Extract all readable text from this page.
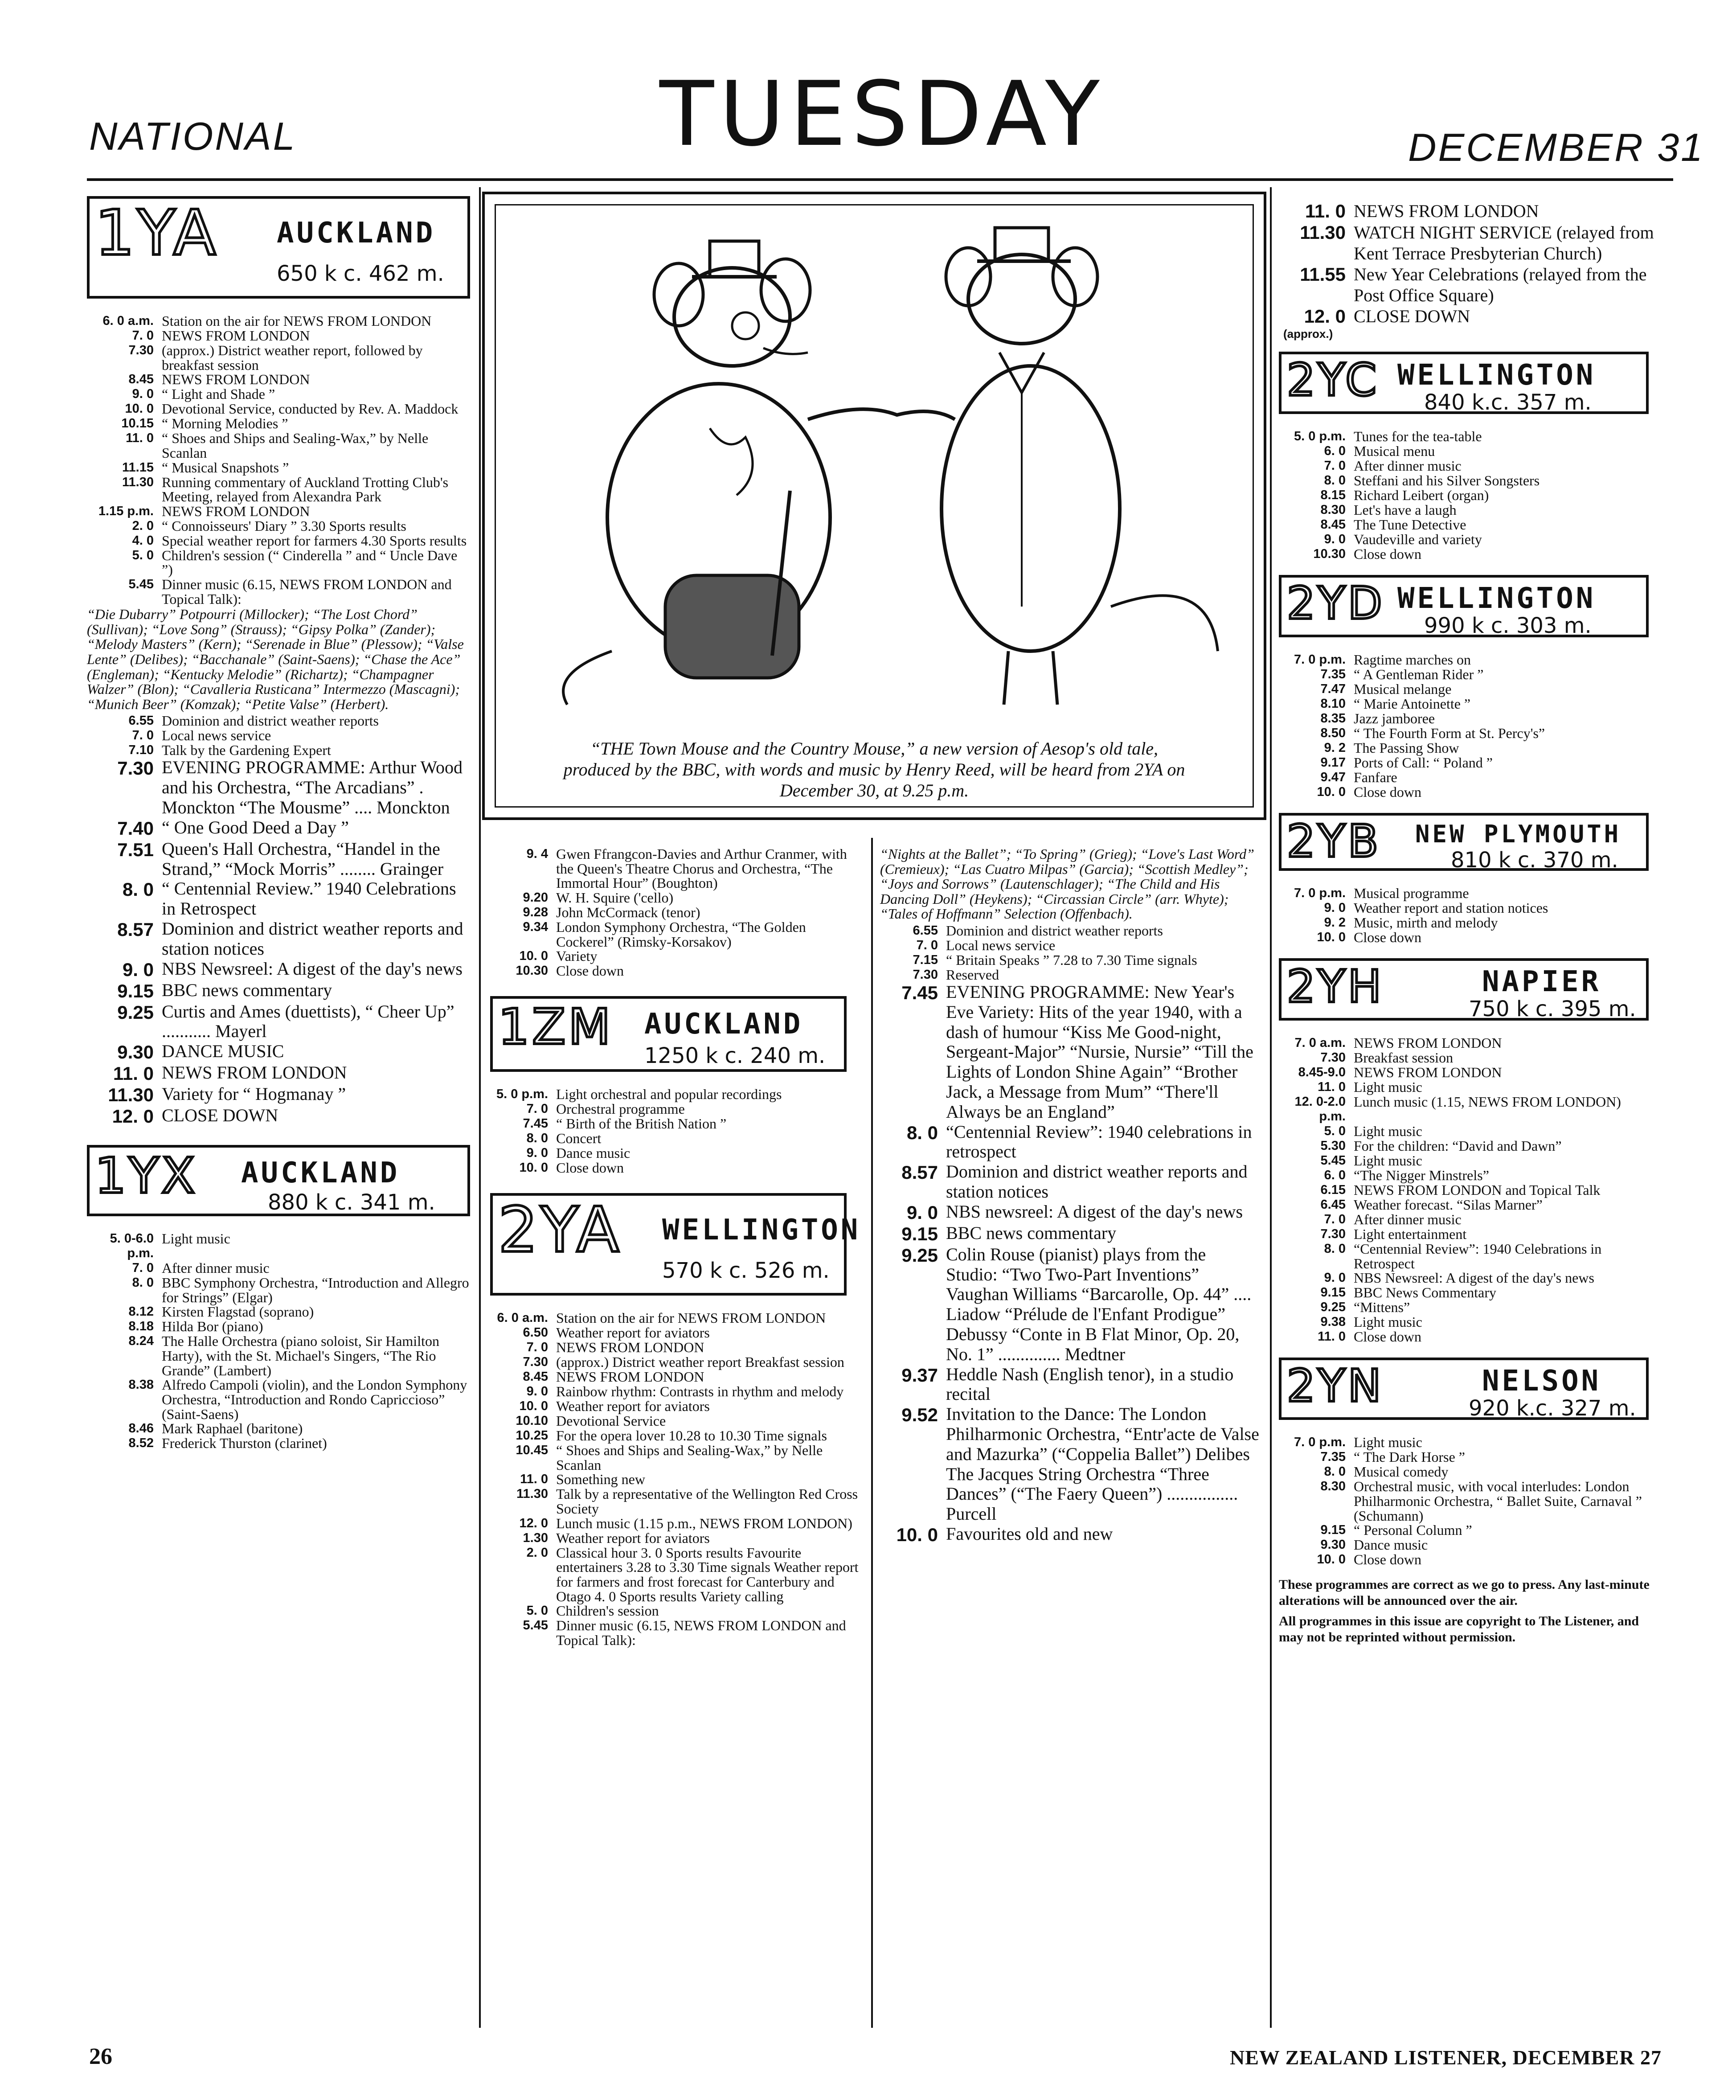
NATIONAL	TUESDAY	DECEMBER 31
“THE Town Mouse and the Country Mouse,” a new version of Aesop's old tale, produced by the BBC, with words and music by Henry Reed, will be heard from 2YA on December 30, at 9.25 p.m.
1YA AUCKLAND
650 k c. 462 m.
6. 0 a.m. Station on the air for NEWS FROM LONDON
7. 0 NEWS FROM LONDON
7.30 (approx.) District weather report, followed by breakfast session
8.45 NEWS FROM LONDON
9. 0 “ Light and Shade ”
10. 0 Devotional Service, conducted by Rev. A. Maddock
10.15 “ Morning Melodies ”
11. 0 “ Shoes and Ships and Sealing-Wax,” by Nelle Scanlan
11.15 “ Musical Snapshots ”
11.30 Running commentary of Auckland Trotting Club's Meeting, relayed from Alexandra Park
1.15 p.m. NEWS FROM LONDON
2. 0 “ Connoisseurs' Diary ” 3.30 Sports results
4. 0 Special weather report for farmers 4.30 Sports results
5. 0 Children's session (“ Cinderella ” and “ Uncle Dave ”)
5.45 Dinner music (6.15, NEWS FROM LONDON and Topical Talk):
“Die Dubarry” Potpourri (Millocker); “The Lost Chord” (Sullivan); “Love Song” (Strauss); “Gipsy Polka” (Zander); “Melody Masters” (Kern); “Serenade in Blue” (Plessow); “Valse Lente” (Delibes); “Bacchanale” (Saint-Saens); “Chase the Ace” (Engleman); “Kentucky Melodie” (Richartz); “Champagner Walzer” (Blon); “Cavalleria Rusticana” Intermezzo (Mascagni); “Munich Beer” (Komzak); “Petite Valse” (Herbert).
6.55 Dominion and district weather reports
7. 0 Local news service
7.10 Talk by the Gardening Expert
7.30 EVENING PROGRAMME: Arthur Wood and his Orchestra, “The Arcadians” . Monckton “The Mousme” .... Monckton
7.40 “ One Good Deed a Day ”
7.51 Queen's Hall Orchestra, “Handel in the Strand,” “Mock Morris” ........ Grainger
8. 0 “ Centennial Review.” 1940 Celebrations in Retrospect
8.57 Dominion and district weather reports and station notices
9. 0 NBS Newsreel: A digest of the day's news
9.15 BBC news commentary
9.25 Curtis and Ames (duettists), “ Cheer Up” ........... Mayerl
9.30 DANCE MUSIC
11. 0 NEWS FROM LONDON
11.30 Variety for “ Hogmanay ”
12. 0 CLOSE DOWN
1YX AUCKLAND
880 k c. 341 m.
5. 0-6.0 p.m.
Light music
7. 0 After dinner music
8. 0 BBC Symphony Orchestra, “Introduction and Allegro for Strings” (Elgar)
8.12 Kirsten Flagstad (soprano)
8.18 Hilda Bor (piano)
8.24 The Halle Orchestra (piano soloist, Sir Hamilton Harty), with the St. Michael's Singers, “The Rio Grande” (Lambert)
8.38 Alfredo Campoli (violin), and the London Symphony Orchestra, “Introduction and Rondo Capriccioso” (Saint-Saens)
8.46 Mark Raphael (baritone)
8.52 Frederick Thurston (clarinet)
9. 4 Gwen Ffrangcon-Davies and Arthur Cranmer, with the Queen's Theatre Chorus and Orchestra, “The Immortal Hour” (Boughton)
9.20 W. H. Squire ('cello)
9.28 John McCormack (tenor)
9.34 London Symphony Orchestra, “The Golden Cockerel” (Rimsky-Korsakov)
10. 0 Variety
10.30 Close down
1ZM AUCKLAND
1250 k c. 240 m.
5. 0 p.m. Light orchestral and popular recordings
7. 0 Orchestral programme
7.45 “ Birth of the British Nation ”
8. 0 Concert
9. 0 Dance music
10. 0 Close down
2YA WELLINGTON
570 k c. 526 m.
6. 0 a.m. Station on the air for NEWS FROM LONDON
6.50 Weather report for aviators
7. 0 NEWS FROM LONDON
7.30 (approx.) District weather report Breakfast session
8.45 NEWS FROM LONDON
9. 0 Rainbow rhythm: Contrasts in rhythm and melody
10. 0 Weather report for aviators
10.10 Devotional Service
10.25 For the opera lover 10.28 to 10.30 Time signals
10.45 “ Shoes and Ships and Sealing-Wax,” by Nelle Scanlan
11. 0 Something new
11.30 Talk by a representative of the Wellington Red Cross Society
12. 0 Lunch music (1.15 p.m., NEWS FROM LONDON)
1.30 Weather report for aviators
2. 0 Classical hour 3. 0 Sports results Favourite entertainers 3.28 to 3.30 Time signals Weather report for farmers and frost forecast for Canterbury and Otago 4. 0 Sports results Variety calling
5. 0 Children's session
5.45 Dinner music (6.15, NEWS FROM LONDON and Topical Talk):
“Nights at the Ballet”; “To Spring” (Grieg); “Love's Last Word” (Cremieux); “Las Cuatro Milpas” (Garcia); “Scottish Medley”; “Joys and Sorrows” (Lautenschlager); “The Child and His Dancing Doll” (Heykens); “Circassian Circle” (arr. Whyte); “Tales of Hoffmann” Selection (Offenbach).
6.55 Dominion and district weather reports
7. 0 Local news service
7.15 “ Britain Speaks ” 7.28 to 7.30 Time signals
7.30 Reserved
7.45 EVENING PROGRAMME: New Year's Eve Variety: Hits of the year 1940, with a dash of humour “Kiss Me Good-night, Sergeant-Major” “Nursie, Nursie” “Till the Lights of London Shine Again” “Brother Jack, a Message from Mum” “There'll Always be an England”
8. 0 “Centennial Review”: 1940 celebrations in retrospect
8.57 Dominion and district weather reports and station notices
9. 0 NBS newsreel: A digest of the day's news
9.15 BBC news commentary
9.25 Colin Rouse (pianist) plays from the Studio: “Two Two-Part Inventions” Vaughan Williams “Barcarolle, Op. 44” .... Liadow “Prélude de l'Enfant Prodigue” Debussy “Conte in B Flat Minor, Op. 20, No. 1” .............. Medtner
9.37 Heddle Nash (English tenor), in a studio recital
9.52 Invitation to the Dance: The London Philharmonic Orchestra, “Entr'acte de Valse and Mazurka” (“Coppelia Ballet”) Delibes The Jacques String Orchestra “Three Dances” (“The Faery Queen”) ................ Purcell
10. 0 Favourites old and new
11. 0 NEWS FROM LONDON
11.30 WATCH NIGHT SERVICE (relayed from Kent Terrace Presbyterian Church)
11.55 New Year Celebrations (relayed from the Post Office Square)
12. 0 CLOSE DOWN
(approx.)
2YC WELLINGTON
840 k.c. 357 m.
5. 0 p.m. Tunes for the tea-table
6. 0 Musical menu
7. 0 After dinner music
8. 0 Steffani and his Silver Songsters
8.15 Richard Leibert (organ)
8.30 Let's have a laugh
8.45 The Tune Detective
9. 0 Vaudeville and variety
10.30 Close down
2YD WELLINGTON
990 k c. 303 m.
7. 0 p.m. Ragtime marches on
7.35 “ A Gentleman Rider ”
7.47 Musical melange
8.10 “ Marie Antoinette ”
8.35 Jazz jamboree
8.50 “ The Fourth Form at St. Percy's”
9. 2 The Passing Show
9.17 Ports of Call: “ Poland ”
9.47 Fanfare
10. 0 Close down
2YB NEW PLYMOUTH
810 k c. 370 m.
7. 0 p.m. Musical programme
9. 0 Weather report and station notices
9. 2 Music, mirth and melody
10. 0 Close down
2YH	NAPIER
750 k c. 395 m.
7. 0 a.m. NEWS FROM LONDON
7.30 Breakfast session
8.45-9.0 NEWS FROM LONDON
11. 0 Light music
12. 0-2.0 p.m.
Lunch music (1.15, NEWS FROM LONDON)
5. 0 Light music
5.30 For the children: “David and Dawn”
5.45 Light music
6. 0 “The Nigger Minstrels”
6.15 NEWS FROM LONDON and Topical Talk
6.45 Weather forecast. “Silas Marner”
7. 0 After dinner music
7.30 Light entertainment
8. 0 “Centennial Review”: 1940 Celebrations in Retrospect
9. 0 NBS Newsreel: A digest of the day's news
9.15 BBC News Commentary
9.25 “Mittens”
9.38 Light music
11. 0 Close down
2YN	NELSON
920 k.c. 327 m.
7. 0 p.m. Light music
7.35 “ The Dark Horse ”
8. 0 Musical comedy
8.30 Orchestral music, with vocal interludes: London Philharmonic Orchestra, “ Ballet Suite, Carnaval ” (Schumann)
9.15 “ Personal Column ”
9.30 Dance music
10. 0 Close down
These programmes are correct as we go to press. Any last-minute alterations will be announced over the air.
All programmes in this issue are copyright to The Listener, and may not be reprinted without permission.
26	NEW ZEALAND LISTENER, DECEMBER 27
